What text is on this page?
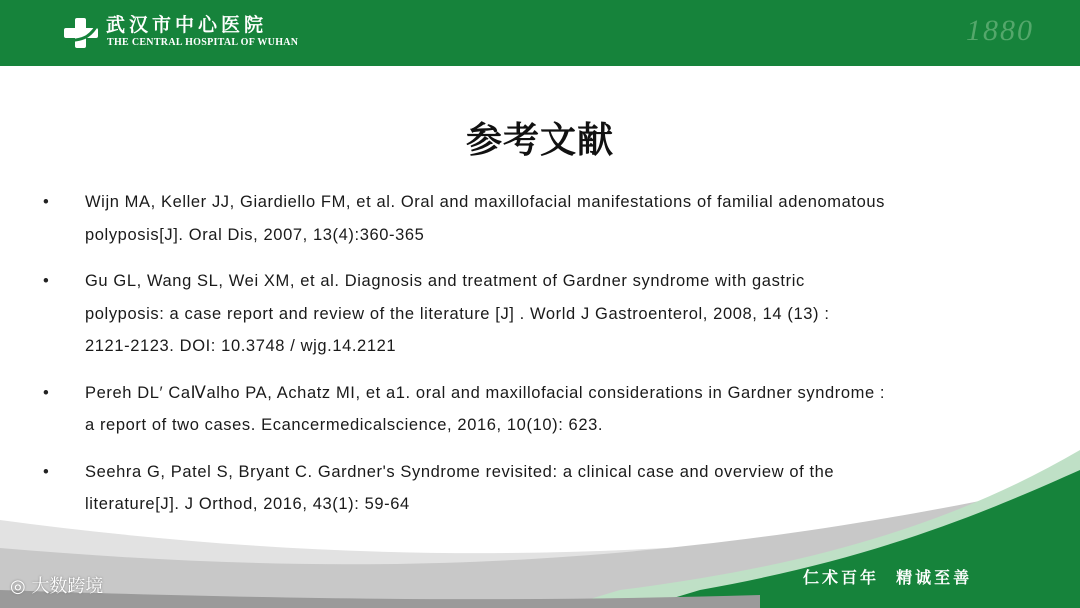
武汉市中心医院
THE CENTRAL HOSPITAL OF WUHAN	1880
参考文献
• Wijn MA, Keller JJ, Giardiello FM, et al. Oral and maxillofacial manifestations of familial adenomatous

polyposis[J]. Oral Dis, 2007, 13(4):360-365

• Gu GL, Wang SL, Wei XM, et al. Diagnosis and treatment of Gardner syndrome with gastric

polyposis: a case report and review of the literature [J] . World J Gastroenterol, 2008, 14 (13) :

2121-2123. DOI: 10.3748 / wjg.14.2121

• Pereh DL′ CaⅣalho PA, Achatz MI, et a1. oral and maxillofacial considerations in Gardner syndrome :

a report of two cases. Ecancermedicalscience, 2016, 10(10): 623.

• Seehra G, Patel S, Bryant C. Gardner's Syndrome revisited: a clinical case and overview of the

literature[J]. J Orthod, 2016, 43(1): 59-64

◎ 大数跨境	仁术百年  精诚至善
